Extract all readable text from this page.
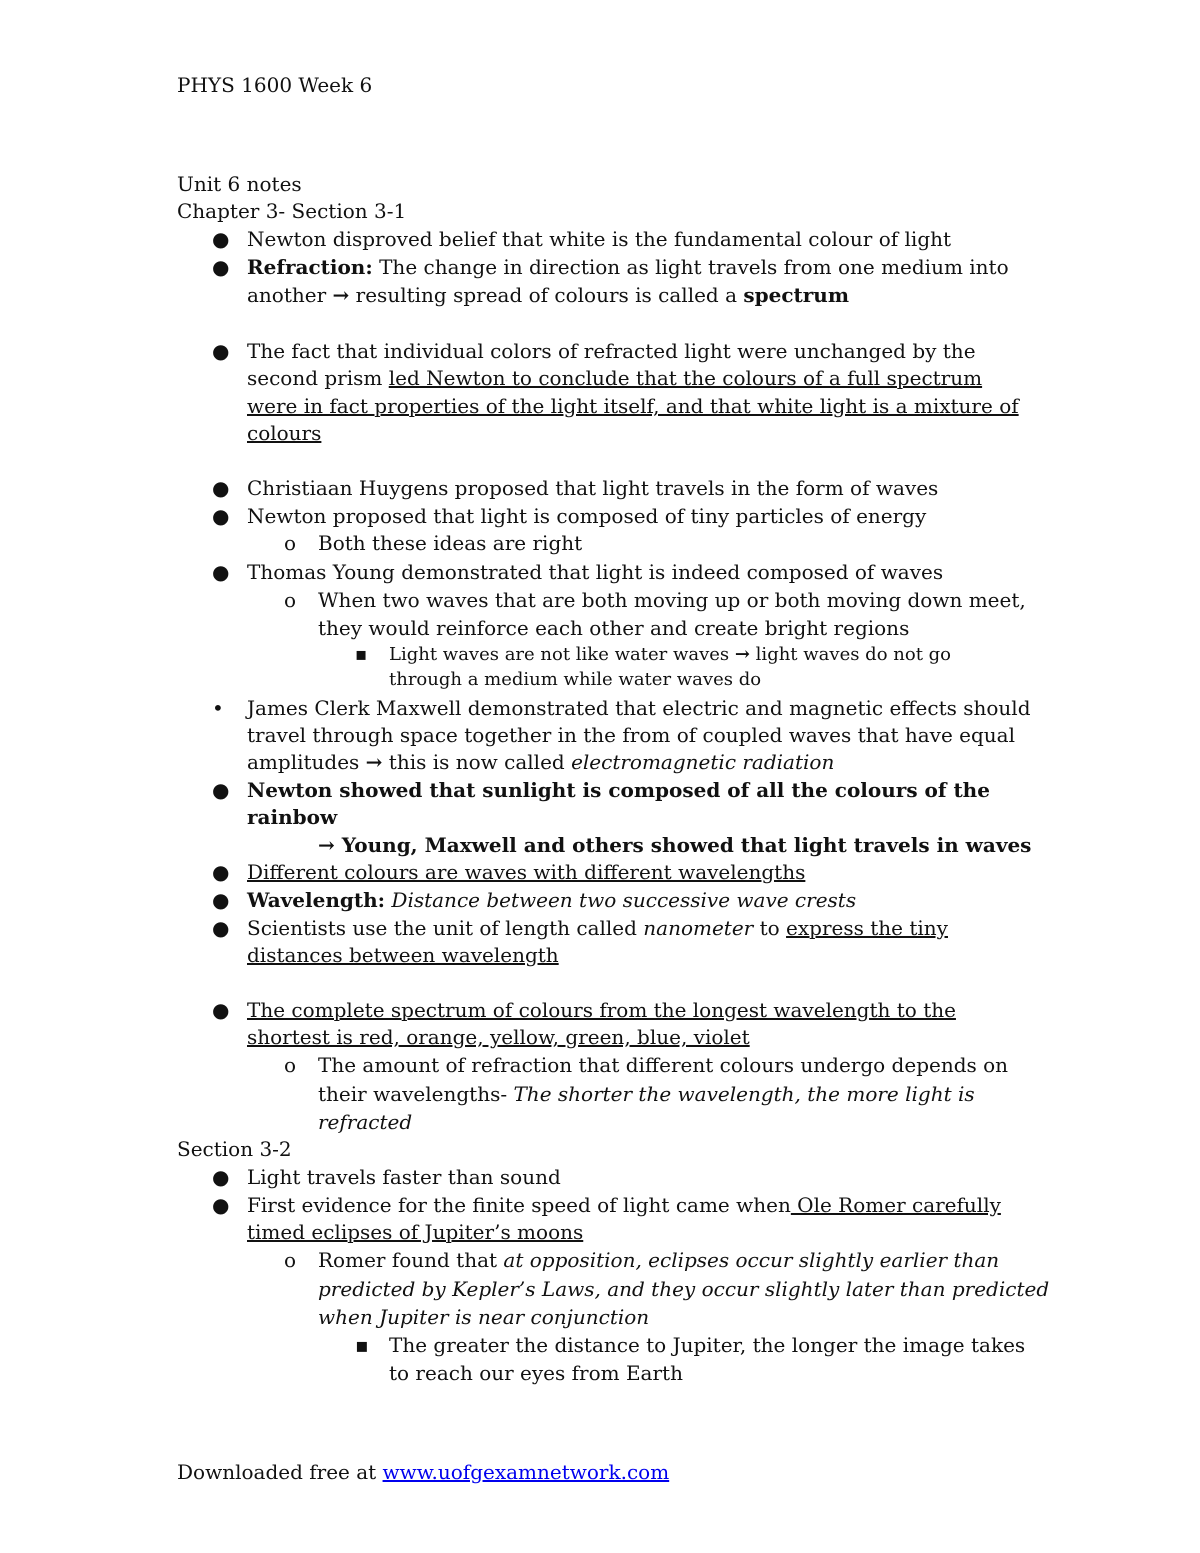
PHYS 1600 Week 6
Unit 6 notes
Chapter 3- Section 3-1
● Newton disproved belief that white is the fundamental colour of light
● Refraction: The change in direction as light travels from one medium into
another → resulting spread of colours is called a spectrum
● The fact that individual colors of refracted light were unchanged by the
second prism led Newton to conclude that the colours of a full spectrum
were in fact properties of the light itself, and that white light is a mixture of
colours
● Christiaan Huygens proposed that light travels in the form of waves
● Newton proposed that light is composed of tiny particles of energy
o Both these ideas are right
● Thomas Young demonstrated that light is indeed composed of waves
o When two waves that are both moving up or both moving down meet,
they would reinforce each other and create bright regions
▪ Light waves are not like water waves → light waves do not go
through a medium while water waves do
• James Clerk Maxwell demonstrated that electric and magnetic effects should
travel through space together in the from of coupled waves that have equal
amplitudes → this is now called electromagnetic radiation
● Newton showed that sunlight is composed of all the colours of the
rainbow
→ Young, Maxwell and others showed that light travels in waves
● Different colours are waves with different wavelengths
● Wavelength: Distance between two successive wave crests
● Scientists use the unit of length called nanometer to express the tiny
distances between wavelength
● The complete spectrum of colours from the longest wavelength to the
shortest is red, orange, yellow, green, blue, violet
o The amount of refraction that different colours undergo depends on
their wavelengths- The shorter the wavelength, the more light is
refracted
Section 3-2
● Light travels faster than sound
● First evidence for the finite speed of light came when Ole Romer carefully
timed eclipses of Jupiter’s moons
o Romer found that at opposition, eclipses occur slightly earlier than
predicted by Kepler’s Laws, and they occur slightly later than predicted
when Jupiter is near conjunction
▪ The greater the distance to Jupiter, the longer the image takes
to reach our eyes from Earth
Downloaded free at www.uofgexamnetwork.com
